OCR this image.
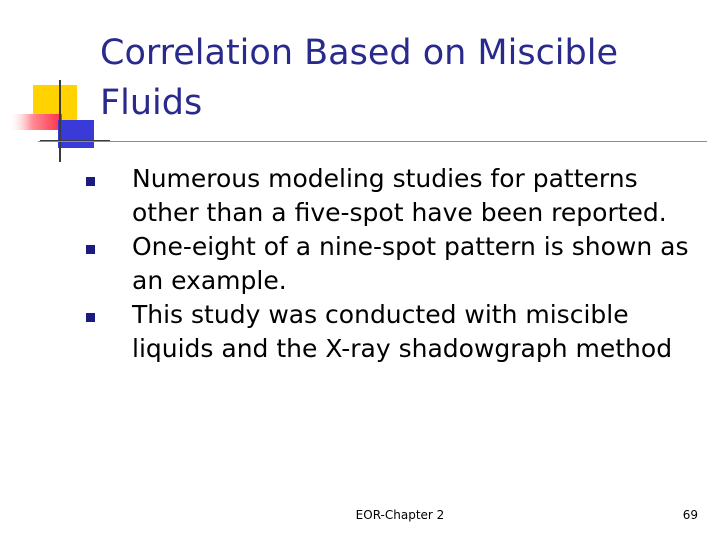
Correlation Based on Miscible Fluids
Numerous modeling studies for patterns other than a five-spot have been reported.
One-eight of a nine-spot pattern is shown as an example.
This study was conducted with miscible liquids and the X-ray shadowgraph method
EOR-Chapter 2	69
